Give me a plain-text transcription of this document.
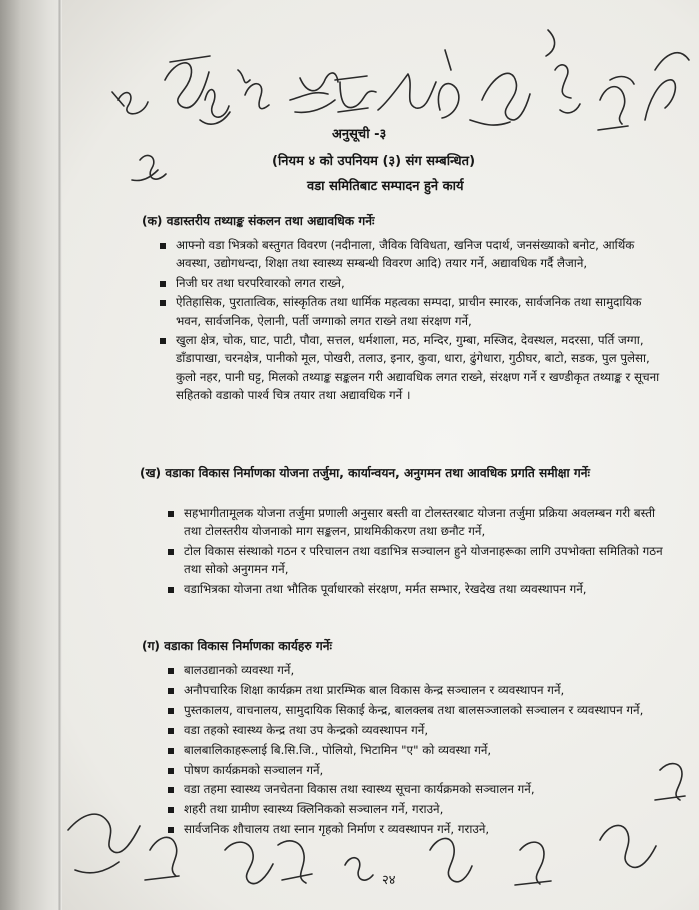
अनुसूची -३
(नियम ४ को उपनियम (३) संग सम्बन्धित)
वडा समितिबाट सम्पादन हुने कार्य
(क) वडास्तरीय तथ्याङ्क संकलन तथा अद्यावधिक गर्नेः
आफ्नो वडा भित्रको बस्तुगत विवरण (नदीनाला, जैविक विविधता, खनिज पदार्थ, जनसंख्याको बनोट, आर्थिक अवस्था, उद्योगधन्दा, शिक्षा तथा स्वास्थ्य सम्बन्धी विवरण आदि) तयार गर्ने, अद्यावधिक गर्दै लैजाने,
निजी घर तथा घरपरिवारको लगत राख्ने,
ऐतिहासिक, पुरातात्विक, सांस्कृतिक तथा धार्मिक महत्वका सम्पदा, प्राचीन स्मारक, सार्वजनिक तथा सामुदायिक भवन, सार्वजनिक, ऐलानी, पर्ती जग्गाको लगत राख्ने तथा संरक्षण गर्ने,
खुला क्षेत्र, चोक, घाट, पाटी, पौवा, सत्तल, धर्मशाला, मठ, मन्दिर, गुम्बा, मस्जिद, देवस्थल, मदरसा, पर्ति जग्गा, डाँडापाखा, चरनक्षेत्र, पानीको मूल, पोखरी, तलाउ, इनार, कुवा, धारा, ढुंगेधारा, गुठीघर, बाटो, सडक, पुल पुलेसा, कुलो नहर, पानी घट्ट, मिलको तथ्याङ्क सङ्कलन गरी अद्यावधिक लगत राख्ने, संरक्षण गर्ने र खण्डीकृत तथ्याङ्क र सूचना सहितको वडाको पार्श्व चित्र तयार तथा अद्यावधिक गर्ने ।
(ख) वडाका विकास निर्माणका योजना तर्जुमा, कार्यान्वयन, अनुगमन तथा आवधिक प्रगति समीक्षा गर्नेः
सहभागीतामूलक योजना तर्जुमा प्रणाली अनुसार बस्ती वा टोलस्तरबाट योजना तर्जुमा प्रक्रिया अवलम्बन गरी बस्ती तथा टोलस्तरीय योजनाको माग सङ्कलन, प्राथमिकीकरण तथा छनौट गर्ने,
टोल विकास संस्थाको गठन र परिचालन तथा वडाभित्र सञ्चालन हुने योजनाहरूका लागि उपभोक्ता समितिको गठन तथा सोको अनुगमन गर्ने,
वडाभित्रका योजना तथा भौतिक पूर्वाधारको संरक्षण, मर्मत सम्भार, रेखदेख तथा व्यवस्थापन गर्ने,
(ग) वडाका विकास निर्माणका कार्यहरु गर्नेः
बालउद्यानको व्यवस्था गर्ने,
अनौपचारिक शिक्षा कार्यक्रम तथा प्रारम्भिक बाल विकास केन्द्र सञ्चालन र व्यवस्थापन गर्ने,
पुस्तकालय, वाचनालय, सामुदायिक सिकाई केन्द्र, बालक्लब तथा बालसञ्जालको सञ्चालन र व्यवस्थापन गर्ने,
वडा तहको स्वास्थ्य केन्द्र तथा उप केन्द्रको व्यवस्थापन गर्ने,
बालबालिकाहरूलाई बि.सि.जि., पोलियो, भिटामिन "ए" को व्यवस्था गर्ने,
पोषण कार्यक्रमको सञ्चालन गर्ने,
वडा तहमा स्वास्थ्य जनचेतना विकास तथा स्वास्थ्य सूचना कार्यक्रमको सञ्चालन गर्ने,
शहरी तथा ग्रामीण स्वास्थ्य क्लिनिकको सञ्चालन गर्ने, गराउने,
सार्वजनिक शौचालय तथा स्नान गृहको निर्माण र व्यवस्थापन गर्ने, गराउने,
२४
